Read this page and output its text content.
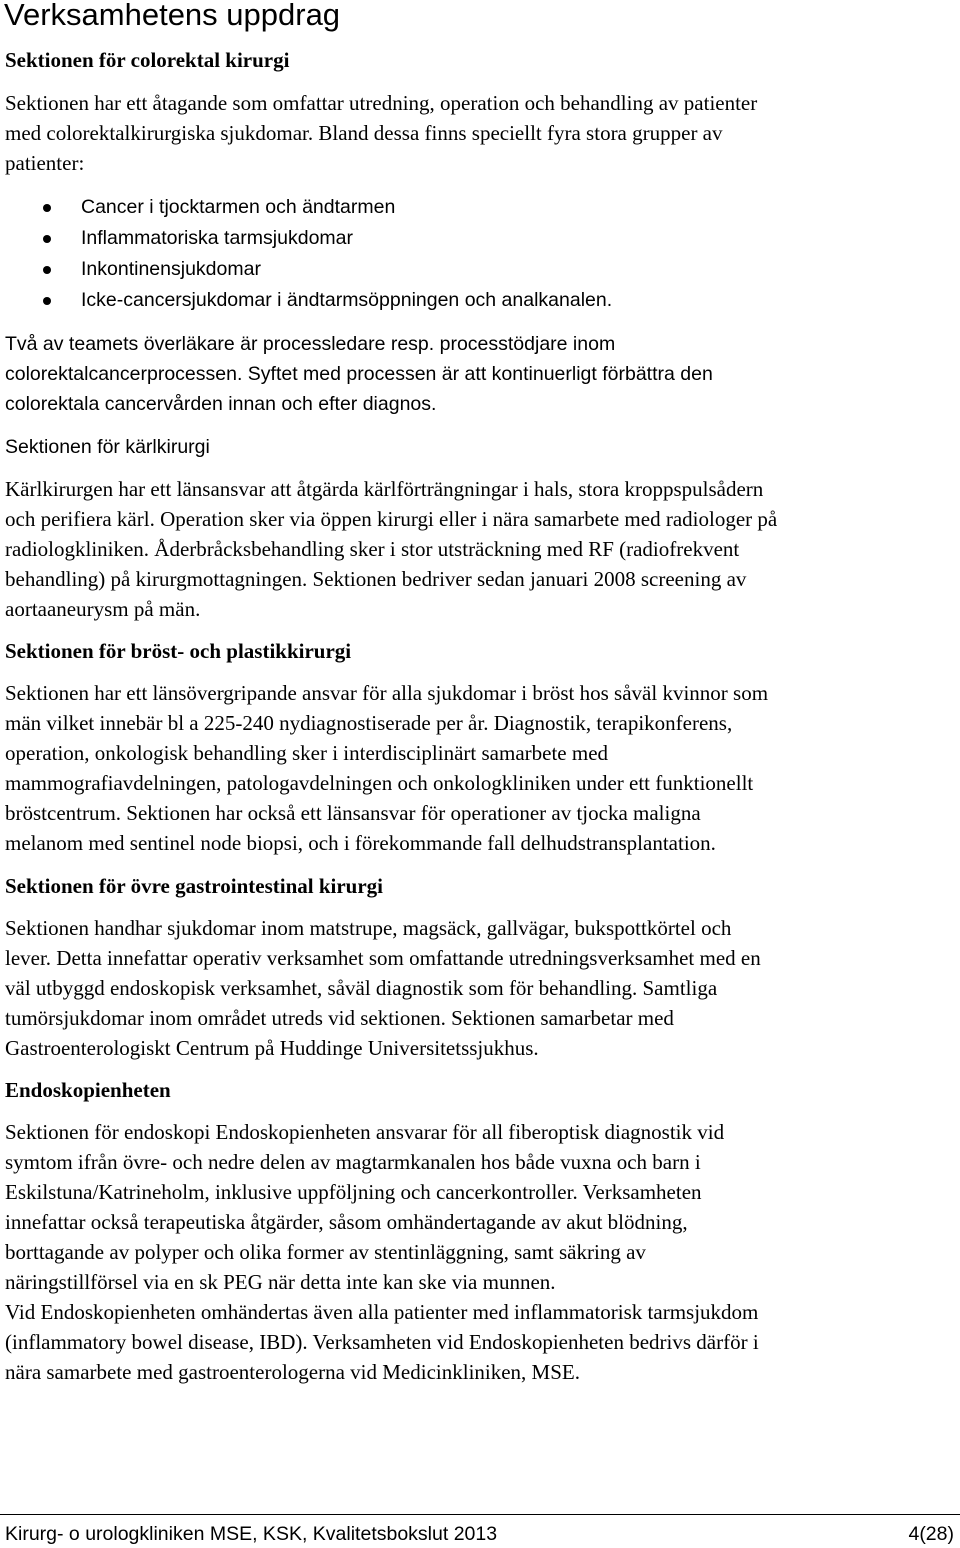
Verksamhetens uppdrag
Sektionen för colorektal kirurgi

Sektionen har ett åtagande som omfattar utredning, operation och behandling av patienter
med colorektalkirurgiska sjukdomar. Bland dessa finns speciellt fyra stora grupper av
patienter:

Cancer i tjocktarmen och ändtarmen
Inflammatoriska tarmsjukdomar
Inkontinensjukdomar
Icke-cancersjukdomar i ändtarmsöppningen och analkanalen.

Två av teamets överläkare är processledare resp. processtödjare inom
colorektalcancerprocessen. Syftet med processen är att kontinuerligt förbättra den
colorektala cancervården innan och efter diagnos.

Sektionen för kärlkirurgi

Kärlkirurgen har ett länsansvar att åtgärda kärlförträngningar i hals, stora kroppspulsådern
och perifiera kärl. Operation sker via öppen kirurgi eller i nära samarbete med radiologer på
radiologkliniken. Åderbråcksbehandling sker i stor utsträckning med RF (radiofrekvent
behandling) på kirurgmottagningen. Sektionen bedriver sedan januari 2008 screening av
aortaaneurysm på män.

Sektionen för bröst- och plastikkirurgi

Sektionen har ett länsövergripande ansvar för alla sjukdomar i bröst hos såväl kvinnor som
män vilket innebär bl a 225-240 nydiagnostiserade per år. Diagnostik, terapikonferens,
operation, onkologisk behandling sker i interdisciplinärt samarbete med
mammografiavdelningen, patologavdelningen och onkologkliniken under ett funktionellt
bröstcentrum. Sektionen har också ett länsansvar för operationer av tjocka maligna
melanom med sentinel node biopsi, och i förekommande fall delhudstransplantation.

Sektionen för övre gastrointestinal kirurgi

Sektionen handhar sjukdomar inom matstrupe, magsäck, gallvägar, bukspottkörtel och
lever. Detta innefattar operativ verksamhet som omfattande utredningsverksamhet med en
väl utbyggd endoskopisk verksamhet, såväl diagnostik som för behandling. Samtliga
tumörsjukdomar inom området utreds vid sektionen. Sektionen samarbetar med
Gastroenterologiskt Centrum på Huddinge Universitetssjukhus.

Endoskopienheten

Sektionen för endoskopi Endoskopienheten ansvarar för all fiberoptisk diagnostik vid
symtom ifrån övre- och nedre delen av magtarmkanalen hos både vuxna och barn i
Eskilstuna/Katrineholm, inklusive uppföljning och cancerkontroller. Verksamheten
innefattar också terapeutiska åtgärder, såsom omhändertagande av akut blödning,
borttagande av polyper och olika former av stentinläggning, samt säkring av
näringstillförsel via en sk PEG när detta inte kan ske via munnen.
Vid Endoskopienheten omhändertas även alla patienter med inflammatorisk tarmsjukdom
(inflammatory bowel disease, IBD). Verksamheten vid Endoskopienheten bedrivs därför i
nära samarbete med gastroenterologerna vid Medicinkliniken, MSE.

Kirurg- o urologkliniken MSE, KSK, Kvalitetsbokslut 2013	4(28)
